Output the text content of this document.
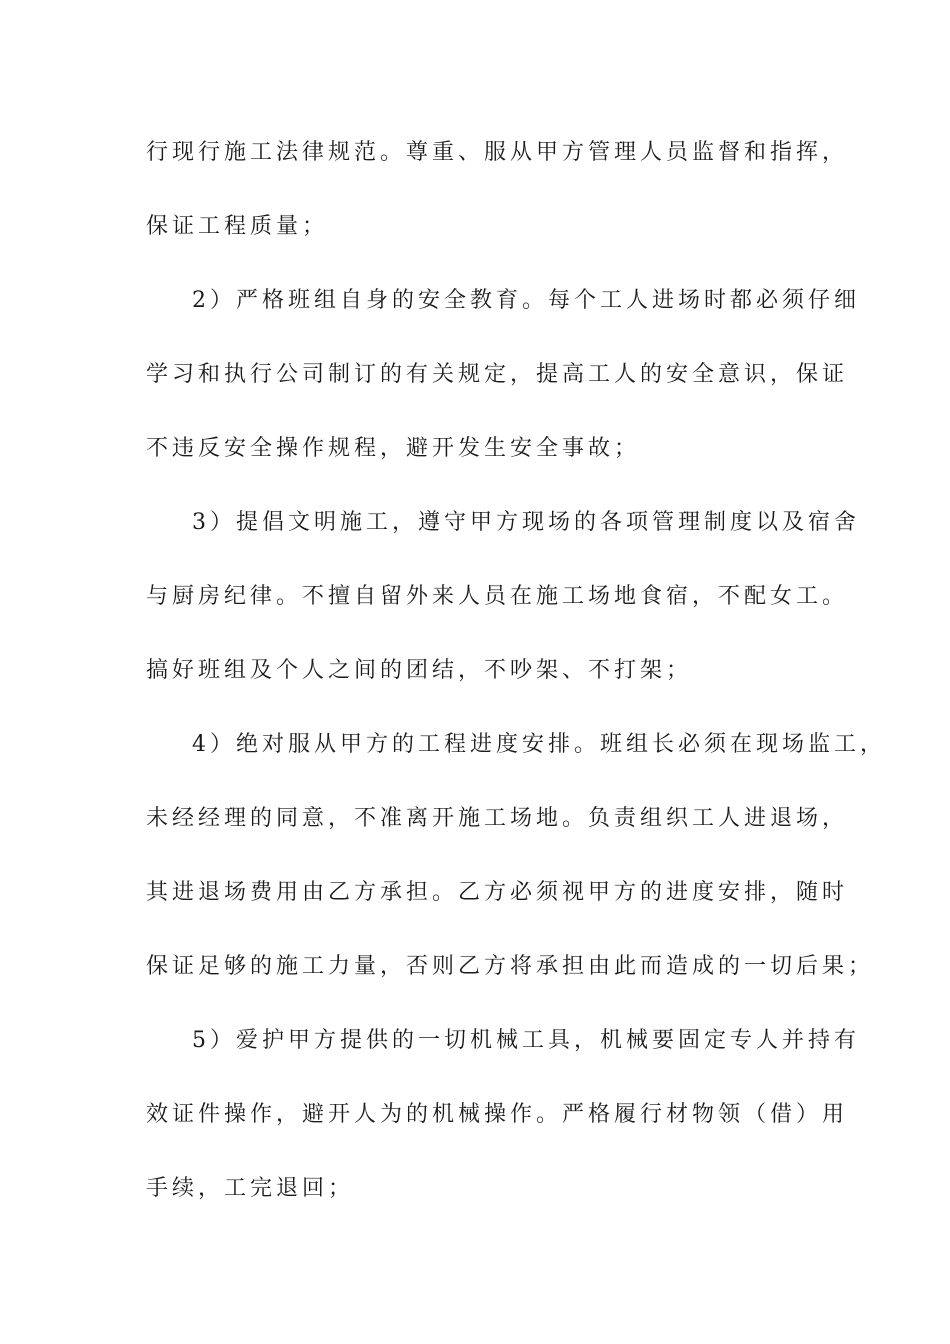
行现行施工法律规范。尊重、服从甲方管理人员监督和指挥，
保证工程质量；
2）严格班组自身的安全教育。每个工人进场时都必须仔细
学习和执行公司制订的有关规定，提高工人的安全意识，保证
不违反安全操作规程，避开发生安全事故；
3）提倡文明施工，遵守甲方现场的各项管理制度以及宿舍
与厨房纪律。不擅自留外来人员在施工场地食宿，不配女工。
搞好班组及个人之间的团结，不吵架、不打架；
4）绝对服从甲方的工程进度安排。班组长必须在现场监工，
未经经理的同意，不准离开施工场地。负责组织工人进退场，
其进退场费用由乙方承担。乙方必须视甲方的进度安排，随时
保证足够的施工力量，否则乙方将承担由此而造成的一切后果；
5）爱护甲方提供的一切机械工具，机械要固定专人并持有
效证件操作，避开人为的机械操作。严格履行材物领（借）用
手续，工完退回；
